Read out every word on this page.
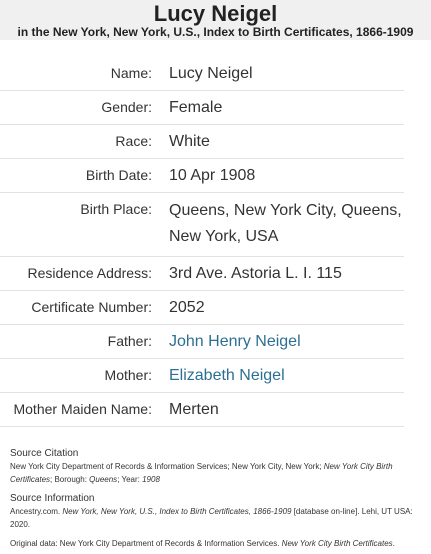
Lucy Neigel
in the New York, New York, U.S., Index to Birth Certificates, 1866-1909
Name:	Lucy Neigel
Gender:	Female
Race:	White
Birth Date:	10 Apr 1908
Birth Place:	Queens, New York City, Queens, New York, USA
Residence Address:	3rd Ave. Astoria L. I. 115
Certificate Number:	2052
Father:	John Henry Neigel
Mother:	Elizabeth Neigel
Mother Maiden Name:	Merten
Source Citation
New York City Department of Records & Information Services; New York City, New York; New York City Birth Certificates; Borough: Queens; Year: 1908
Source Information
Ancestry.com. New York, New York, U.S., Index to Birth Certificates, 1866-1909 [database on-line]. Lehi, UT USA: 2020.
Original data: New York City Department of Records & Information Services. New York City Birth Certificates.
